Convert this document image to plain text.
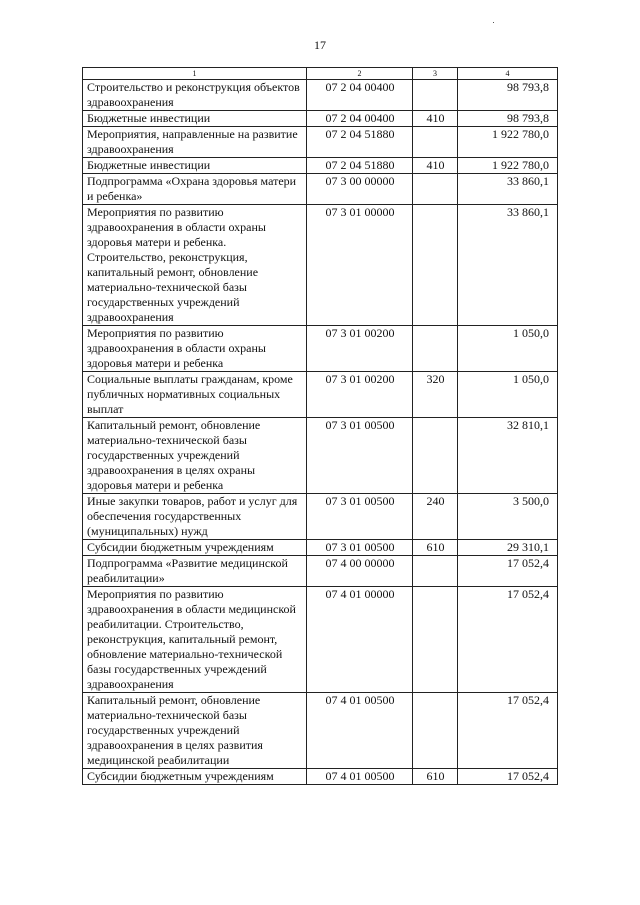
17
1	2	3	4
Строительство и реконструкция объектов здравоохранения	07 2 04 00400		98 793,8
Бюджетные инвестиции	07 2 04 00400	410	98 793,8
Мероприятия, направленные на развитие здравоохранения	07 2 04 51880		1 922 780,0
Бюджетные инвестиции	07 2 04 51880	410	1 922 780,0
Подпрограмма «Охрана здоровья матери и ребенка»	07 3 00 00000		33 860,1
Мероприятия по развитию здравоохранения в области охраны здоровья матери и ребенка. Строительство, реконструкция, капитальный ремонт, обновление материально-технической базы государственных учреждений здравоохранения	07 3 01 00000		33 860,1
Мероприятия по развитию здравоохранения в области охраны здоровья матери и ребенка	07 3 01 00200		1 050,0
Социальные выплаты гражданам, кроме публичных нормативных социальных выплат	07 3 01 00200	320	1 050,0
Капитальный ремонт, обновление материально-технической базы государственных учреждений здравоохранения в целях охраны здоровья матери и ребенка	07 3 01 00500		32 810,1
Иные закупки товаров, работ и услуг для обеспечения государственных (муниципальных) нужд	07 3 01 00500	240	3 500,0
Субсидии бюджетным учреждениям	07 3 01 00500	610	29 310,1
Подпрограмма «Развитие медицинской реабилитации»	07 4 00 00000		17 052,4
Мероприятия по развитию здравоохранения в области медицинской реабилитации. Строительство, реконструкция, капитальный ремонт, обновление материально-технической базы государственных учреждений здравоохранения	07 4 01 00000		17 052,4
Капитальный ремонт, обновление материально-технической базы государственных учреждений здравоохранения в целях развития медицинской реабилитации	07 4 01 00500		17 052,4
Субсидии бюджетным учреждениям	07 4 01 00500	610	17 052,4
